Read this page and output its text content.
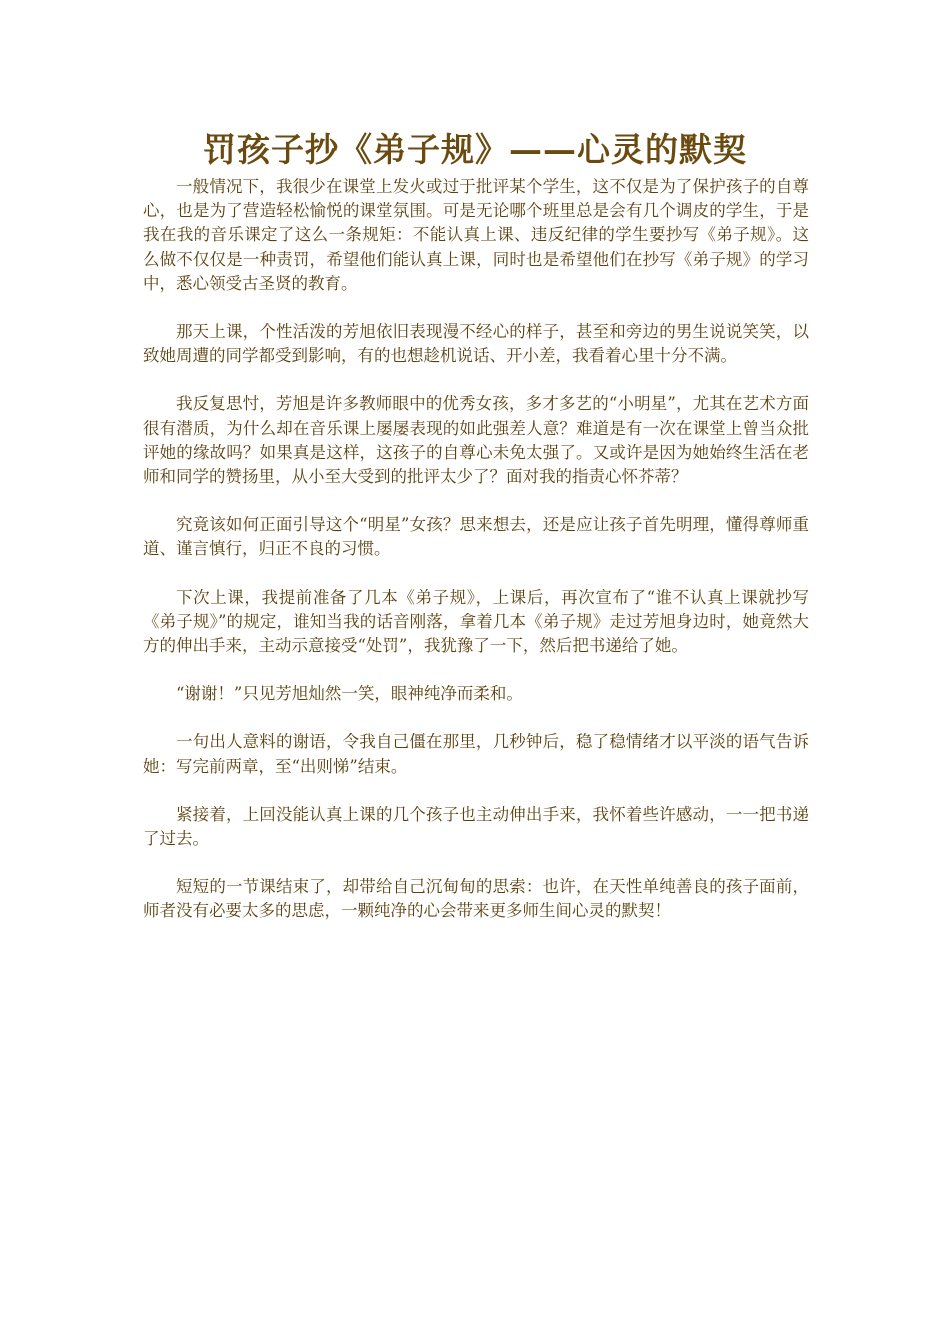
罚孩子抄《弟子规》——心灵的默契

一般情况下，我很少在课堂上发火或过于批评某个学生，这不仅是为了保护孩子的自尊心，也是为了营造轻松愉悦的课堂氛围。可是无论哪个班里总是会有几个调皮的学生，于是我在我的音乐课定了这么一条规矩：不能认真上课、违反纪律的学生要抄写《弟子规》。这么做不仅仅是一种责罚，希望他们能认真上课，同时也是希望他们在抄写《弟子规》的学习中，悉心领受古圣贤的教育。

那天上课，个性活泼的芳旭依旧表现漫不经心的样子，甚至和旁边的男生说说笑笑，以致她周遭的同学都受到影响，有的也想趁机说话、开小差，我看着心里十分不满。

我反复思忖，芳旭是许多教师眼中的优秀女孩，多才多艺的“小明星”，尤其在艺术方面很有潜质，为什么却在音乐课上屡屡表现的如此强差人意？难道是有一次在课堂上曾当众批评她的缘故吗？如果真是这样，这孩子的自尊心未免太强了。又或许是因为她始终生活在老师和同学的赞扬里，从小至大受到的批评太少了？面对我的指责心怀芥蒂？

究竟该如何正面引导这个“明星”女孩？思来想去，还是应让孩子首先明理，懂得尊师重道、谨言慎行，归正不良的习惯。

下次上课，我提前准备了几本《弟子规》，上课后，再次宣布了“谁不认真上课就抄写《弟子规》”的规定，谁知当我的话音刚落，拿着几本《弟子规》走过芳旭身边时，她竟然大方的伸出手来，主动示意接受“处罚”，我犹豫了一下，然后把书递给了她。

“谢谢！”只见芳旭灿然一笑，眼神纯净而柔和。

一句出人意料的谢语，令我自己僵在那里，几秒钟后，稳了稳情绪才以平淡的语气告诉她：写完前两章，至“出则悌”结束。

紧接着，上回没能认真上课的几个孩子也主动伸出手来，我怀着些许感动，一一把书递了过去。

短短的一节课结束了，却带给自己沉甸甸的思索：也许，在天性单纯善良的孩子面前，师者没有必要太多的思虑，一颗纯净的心会带来更多师生间心灵的默契！
